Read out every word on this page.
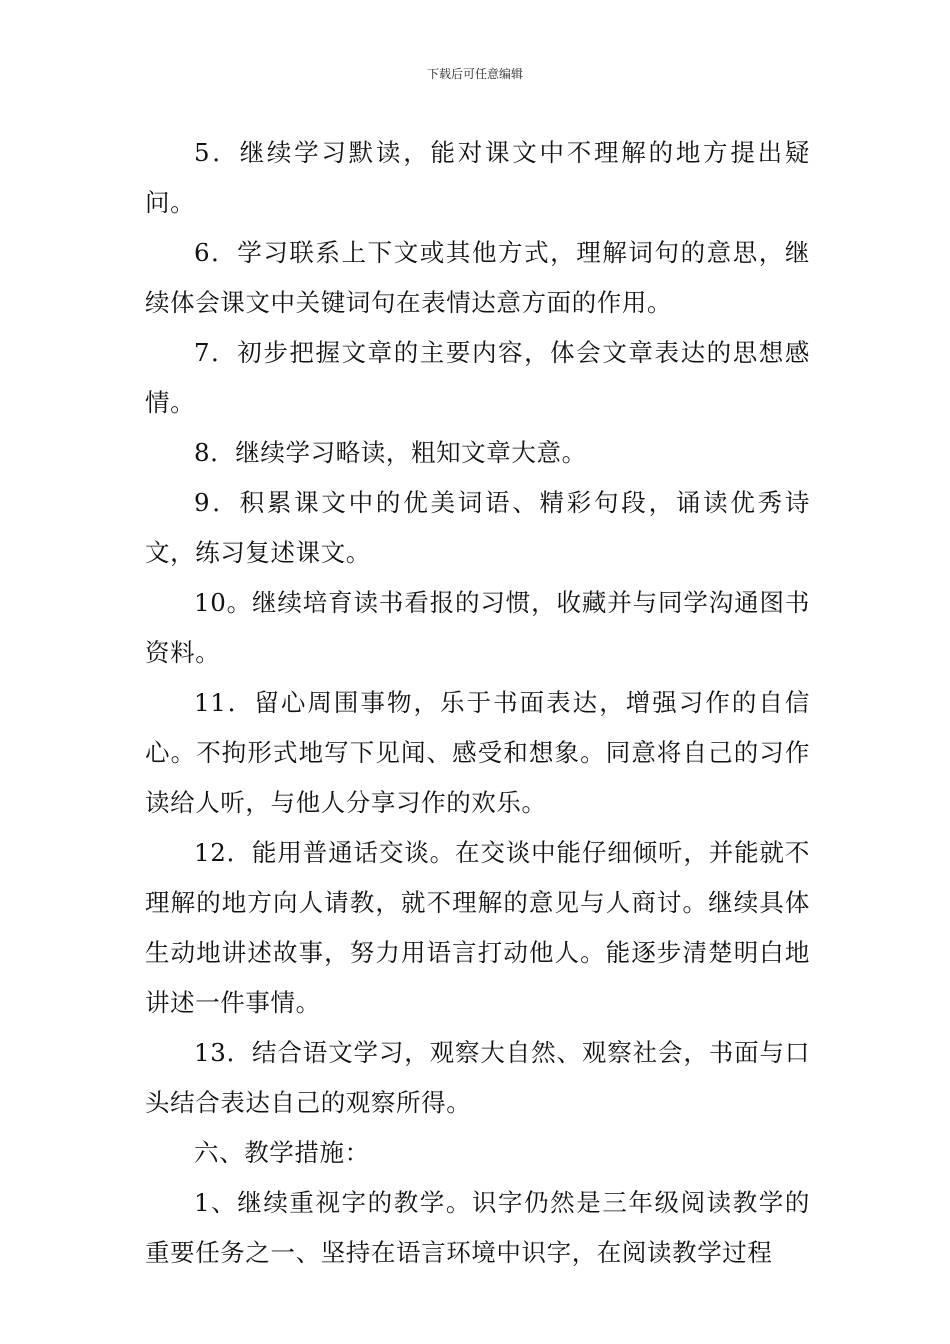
下载后可任意编辑

5．继续学习默读，能对课文中不理解的地方提出疑问。

6．学习联系上下文或其他方式，理解词句的意思，继续体会课文中关键词句在表情达意方面的作用。

7．初步把握文章的主要内容，体会文章表达的思想感情。

8．继续学习略读，粗知文章大意。

9．积累课文中的优美词语、精彩句段，诵读优秀诗文，练习复述课文。

10。继续培育读书看报的习惯，收藏并与同学沟通图书资料。

11．留心周围事物，乐于书面表达，增强习作的自信心。不拘形式地写下见闻、感受和想象。同意将自己的习作读给人听，与他人分享习作的欢乐。

12．能用普通话交谈。在交谈中能仔细倾听，并能就不理解的地方向人请教，就不理解的意见与人商讨。继续具体生动地讲述故事，努力用语言打动他人。能逐步清楚明白地讲述一件事情。

13．结合语文学习，观察大自然、观察社会，书面与口头结合表达自己的观察所得。

六、教学措施：

1、继续重视字的教学。识字仍然是三年级阅读教学的重要任务之一、坚持在语言环境中识字，在阅读教学过程
